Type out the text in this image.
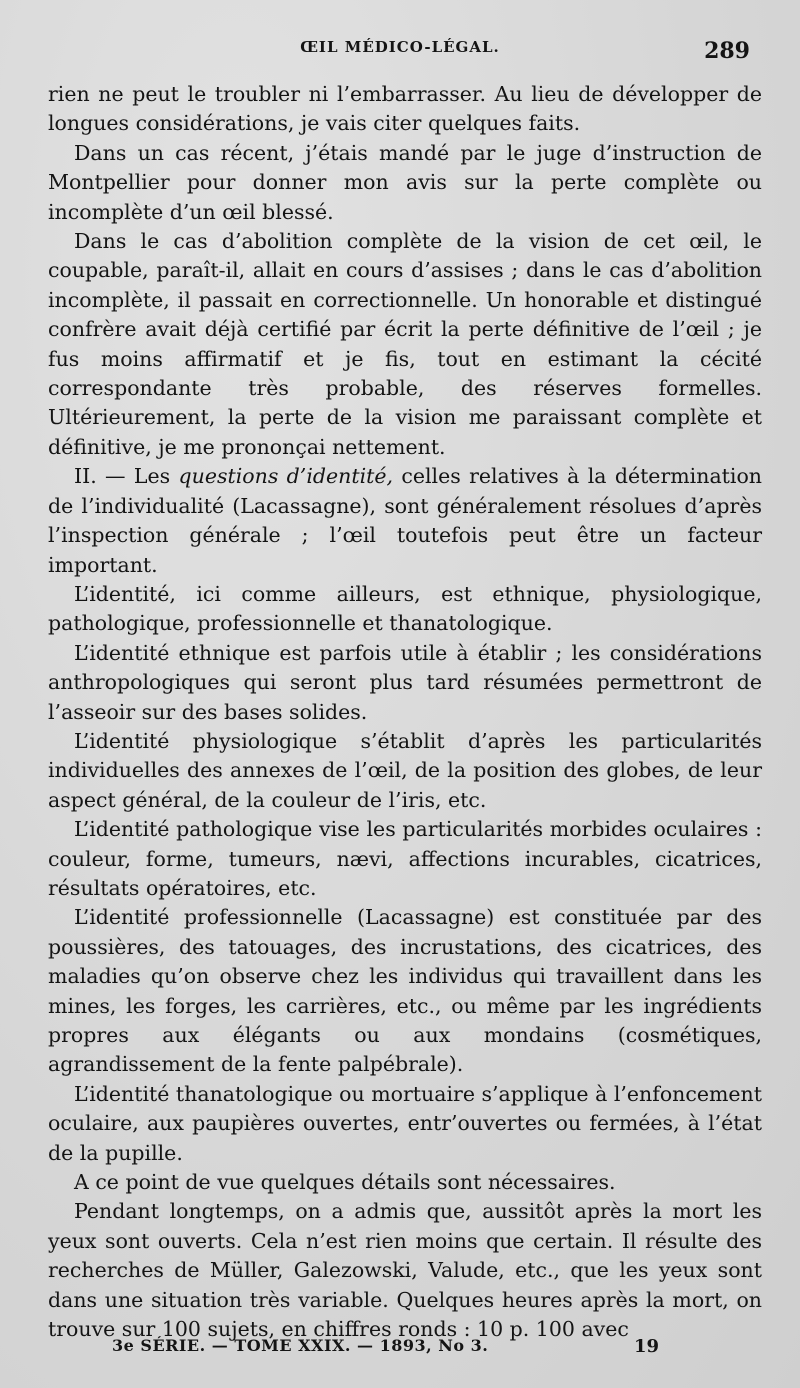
ŒIL MÉDICO-LÉGAL.	289

rien ne peut le troubler ni l’embarrasser. Au lieu de développer de longues considérations, je vais citer quelques faits.

Dans un cas récent, j’étais mandé par le juge d’instruction de Montpellier pour donner mon avis sur la perte complète ou incomplète d’un œil blessé.

Dans le cas d’abolition complète de la vision de cet œil, le coupable, paraît-il, allait en cours d’assises ; dans le cas d’abolition incomplète, il passait en correctionnelle. Un honorable et distingué confrère avait déjà certifié par écrit la perte définitive de l’œil ; je fus moins affirmatif et je fis, tout en estimant la cécité correspondante très probable, des réserves formelles. Ultérieurement, la perte de la vision me paraissant complète et définitive, je me prononçai nettement.

II. — Les questions d’identité, celles relatives à la détermination de l’individualité (Lacassagne), sont généralement résolues d’après l’inspection générale ; l’œil toutefois peut être un facteur important.

L’identité, ici comme ailleurs, est ethnique, physiologique, pathologique, professionnelle et thanatologique.

L’identité ethnique est parfois utile à établir ; les considérations anthropologiques qui seront plus tard résumées permettront de l’asseoir sur des bases solides.

L’identité physiologique s’établit d’après les particularités individuelles des annexes de l’œil, de la position des globes, de leur aspect général, de la couleur de l’iris, etc.

L’identité pathologique vise les particularités morbides oculaires : couleur, forme, tumeurs, nævi, affections incurables, cicatrices, résultats opératoires, etc.

L’identité professionnelle (Lacassagne) est constituée par des poussières, des tatouages, des incrustations, des cicatrices, des maladies qu’on observe chez les individus qui travaillent dans les mines, les forges, les carrières, etc., ou même par les ingrédients propres aux élégants ou aux mondains (cosmétiques, agrandissement de la fente palpébrale).

L’identité thanatologique ou mortuaire s’applique à l’enfoncement oculaire, aux paupières ouvertes, entr’ouvertes ou fermées, à l’état de la pupille.

A ce point de vue quelques détails sont nécessaires.

Pendant longtemps, on a admis que, aussitôt après la mort les yeux sont ouverts. Cela n’est rien moins que certain. Il résulte des recherches de Müller, Galezowski, Valude, etc., que les yeux sont dans une situation très variable. Quelques heures après la mort, on trouve sur 100 sujets, en chiffres ronds : 10 p. 100 avec

3e SÉRIE. — TOME XXIX. — 1893, No 3.	19
